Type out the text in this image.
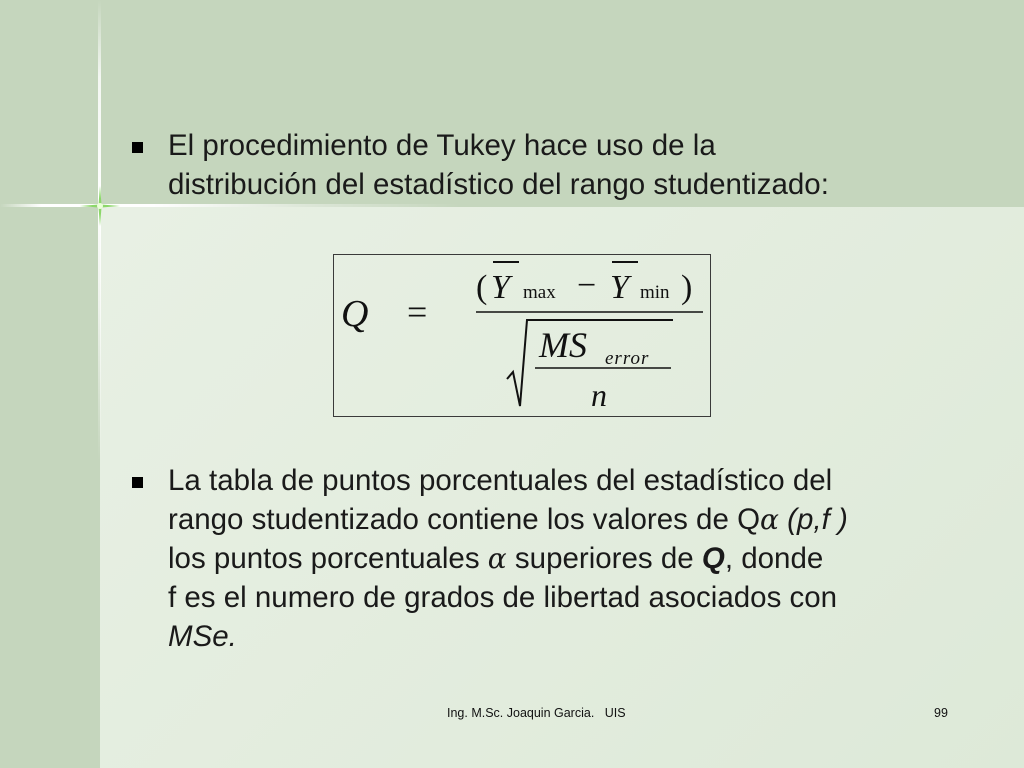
El procedimiento de Tukey hace uso de la
distribución del estadístico del rango studentizado:
Q =
( Y max − Y min )
MS error
n
La tabla de puntos porcentuales del estadístico del
rango studentizado contiene los valores de Qα (p,f )
los puntos porcentuales α superiores de Q, donde
f es el numero de grados de libertad asociados con
MSe.
Ing. M.Sc. Joaquin Garcia.   UIS	99
